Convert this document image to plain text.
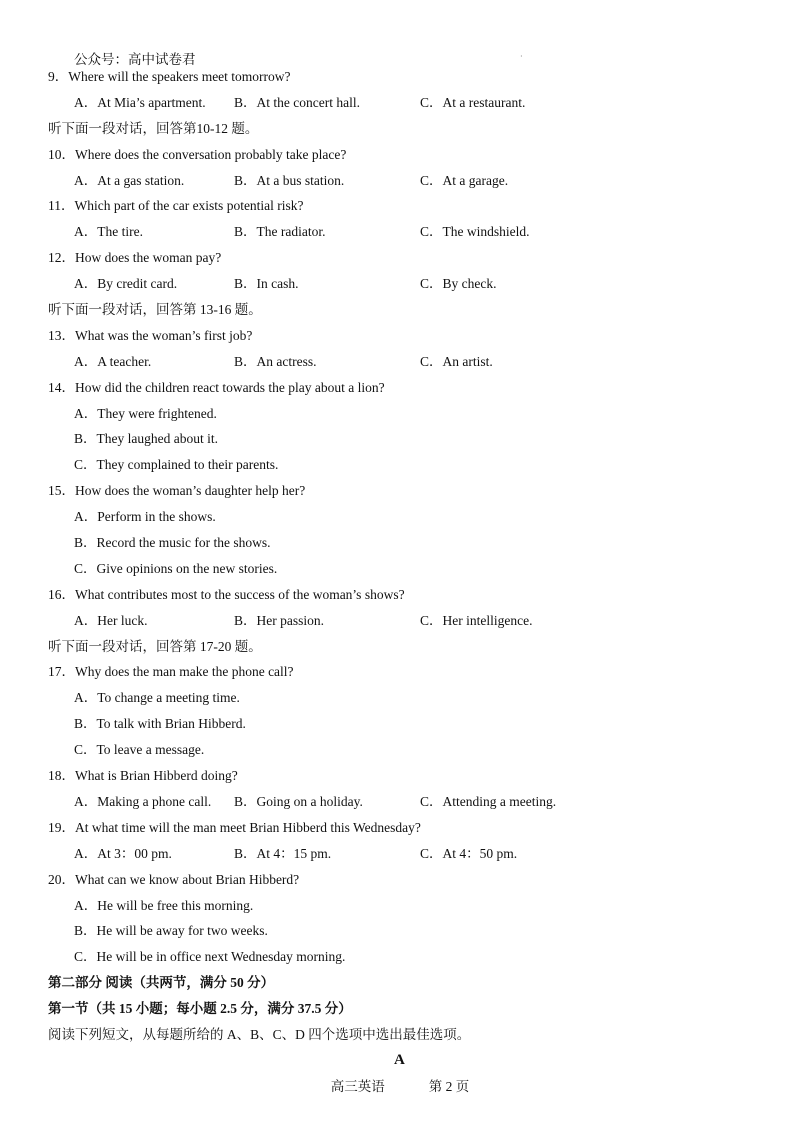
公众号：高中试卷君	·
9．Where will the speakers meet tomorrow?
A．At Mia’s apartment. B．At the concert hall.	C．At a restaurant.
听下面一段对话，回答第10-12 题。
10．Where does the conversation probably take place?
A．At a gas station.	B．At a bus station.	C．At a garage.
11．Which part of the car exists potential risk?
A．The tire.	B．The radiator.	C．The windshield.
12．How does the woman pay?
A．By credit card.	B．In cash.	C．By check.
听下面一段对话，回答第 13-16 题。
13．What was the woman’s first job?
A．A teacher.	B．An actress.	C．An artist.
14．How did the children react towards the play about a lion?
A．They were frightened.
B．They laughed about it.
C．They complained to their parents.
15．How does the woman’s daughter help her?
A．Perform in the shows.
B．Record the music for the shows.
C．Give opinions on the new stories.
16．What contributes most to the success of the woman’s shows?
A．Her luck.	B．Her passion.	C．Her intelligence.
听下面一段对话，回答第 17-20 题。
17．Why does the man make the phone call?
A．To change a meeting time.
B．To talk with Brian Hibberd.
C．To leave a message.
18．What is Brian Hibberd doing?
A．Making a phone call. B．Going on a holiday.	C．Attending a meeting.
19．At what time will the man meet Brian Hibberd this Wednesday?
A．At 3：00 pm.	B．At 4：15 pm.	C．At 4：50 pm.
20．What can we know about Brian Hibberd?
A．He will be free this morning.
B．He will be away for two weeks.
C．He will be in office next Wednesday morning.
第二部分 阅读（共两节，满分 50 分）
第一节（共 15 小题；每小题 2.5 分，满分 37.5 分）
阅读下列短文，从每题所给的 A、B、C、D 四个选项中选出最佳选项。
A
高三英语	第 2 页
